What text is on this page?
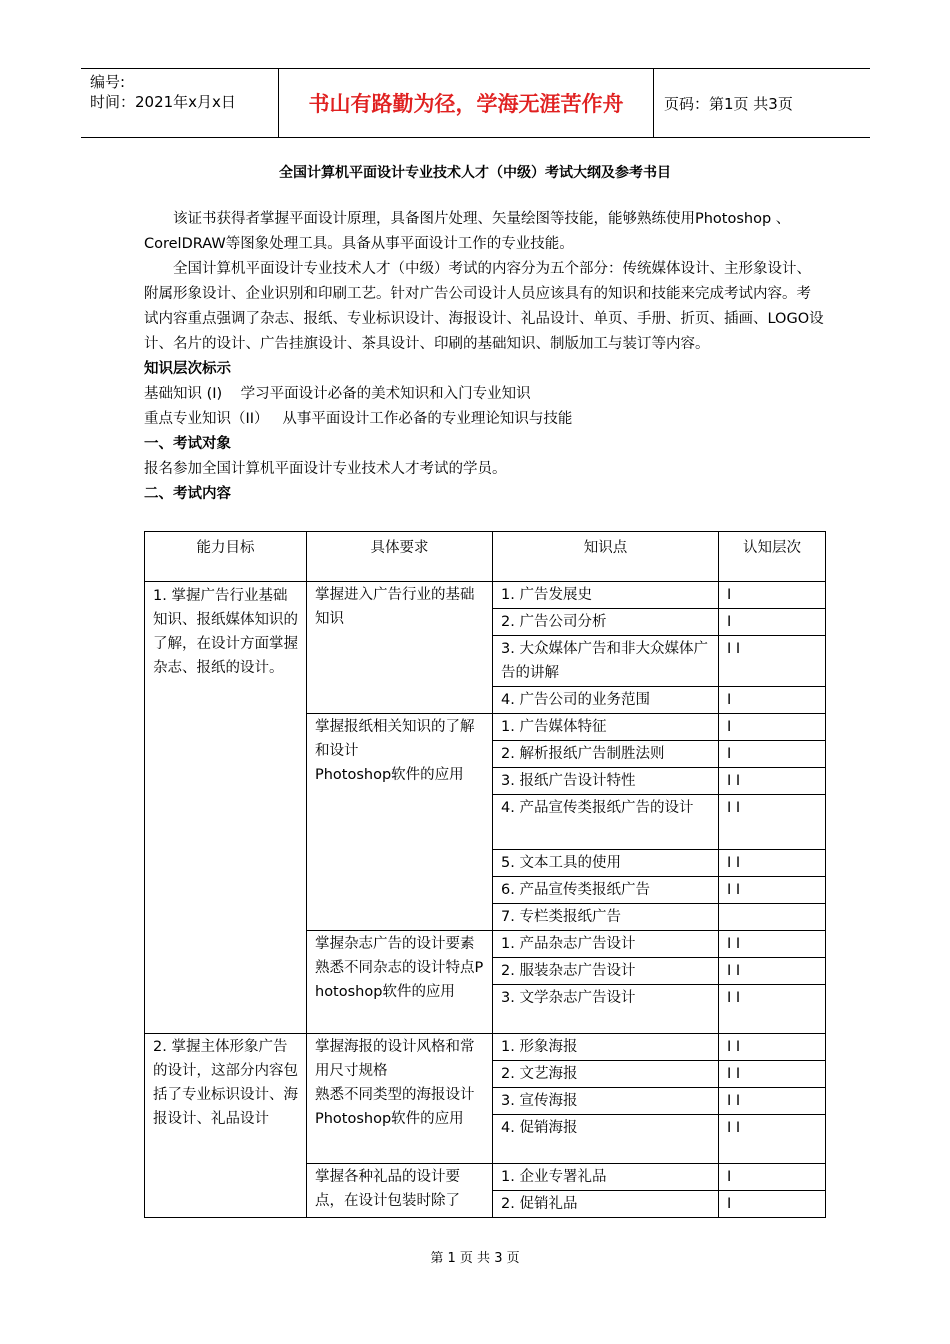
编号:
时间：2021年x月x日	书山有路勤为径，学海无涯苦作舟	页码：第1页 共3页
全国计算机平面设计专业技术人才（中级）考试大纲及参考书目

该证书获得者掌握平面设计原理，具备图片处理、矢量绘图等技能，能够熟练使用Photoshop 、CorelDRAW等图象处理工具。具备从事平面设计工作的专业技能。

全国计算机平面设计专业技术人才（中级）考试的内容分为五个部分：传统媒体设计、主形象设计、附属形象设计、企业识别和印刷工艺。针对广告公司设计人员应该具有的知识和技能来完成考试内容。考试内容重点强调了杂志、报纸、专业标识设计、海报设计、礼品设计、单页、手册、折页、插画、LOGO设计、名片的设计、广告挂旗设计、茶具设计、印刷的基础知识、制版加工与装订等内容。

知识层次标示

基础知识 (I)    学习平面设计必备的美术知识和入门专业知识

重点专业知识（II）   从事平面设计工作必备的专业理论知识与技能

一、考试对象

报名参加全国计算机平面设计专业技术人才考试的学员。

二、考试内容

能力目标	具体要求	知识点	认知层次
1. 掌握广告行业基础知识、报纸媒体知识的了解，在设计方面掌握杂志、报纸的设计。	掌握进入广告行业的基础知识	1. 广告发展史	I
		2. 广告公司分析	I
		3. 大众媒体广告和非大众媒体广告的讲解	I I
		4. 广告公司的业务范围	I

	掌握报纸相关知识的了解和设计
Photoshop软件的应用	1. 广告媒体特征	I
		2. 解析报纸广告制胜法则	I
		3. 报纸广告设计特性	I I
		4. 产品宣传类报纸广告的设计	I I
		5. 文本工具的使用	I I
		6. 产品宣传类报纸广告	I I
		7. 专栏类报纸广告	
	掌握杂志广告的设计要素熟悉不同杂志的设计特点Photoshop软件的应用	1. 产品杂志广告设计	I I
		2. 服装杂志广告设计	I I
		3. 文学杂志广告设计	I I
2. 掌握主体形象广告的设计，这部分内容包括了专业标识设计、海报设计、礼品设计	掌握海报的设计风格和常用尺寸规格
熟悉不同类型的海报设计
Photoshop软件的应用	1. 形象海报	I I
		2. 文艺海报	I I
		3. 宣传海报	I I
		4. 促销海报	I I
	掌握各种礼品的设计要点，在设计包装时除了	1. 企业专署礼品	I
		2. 促销礼品	I
第 1 页 共 3 页
